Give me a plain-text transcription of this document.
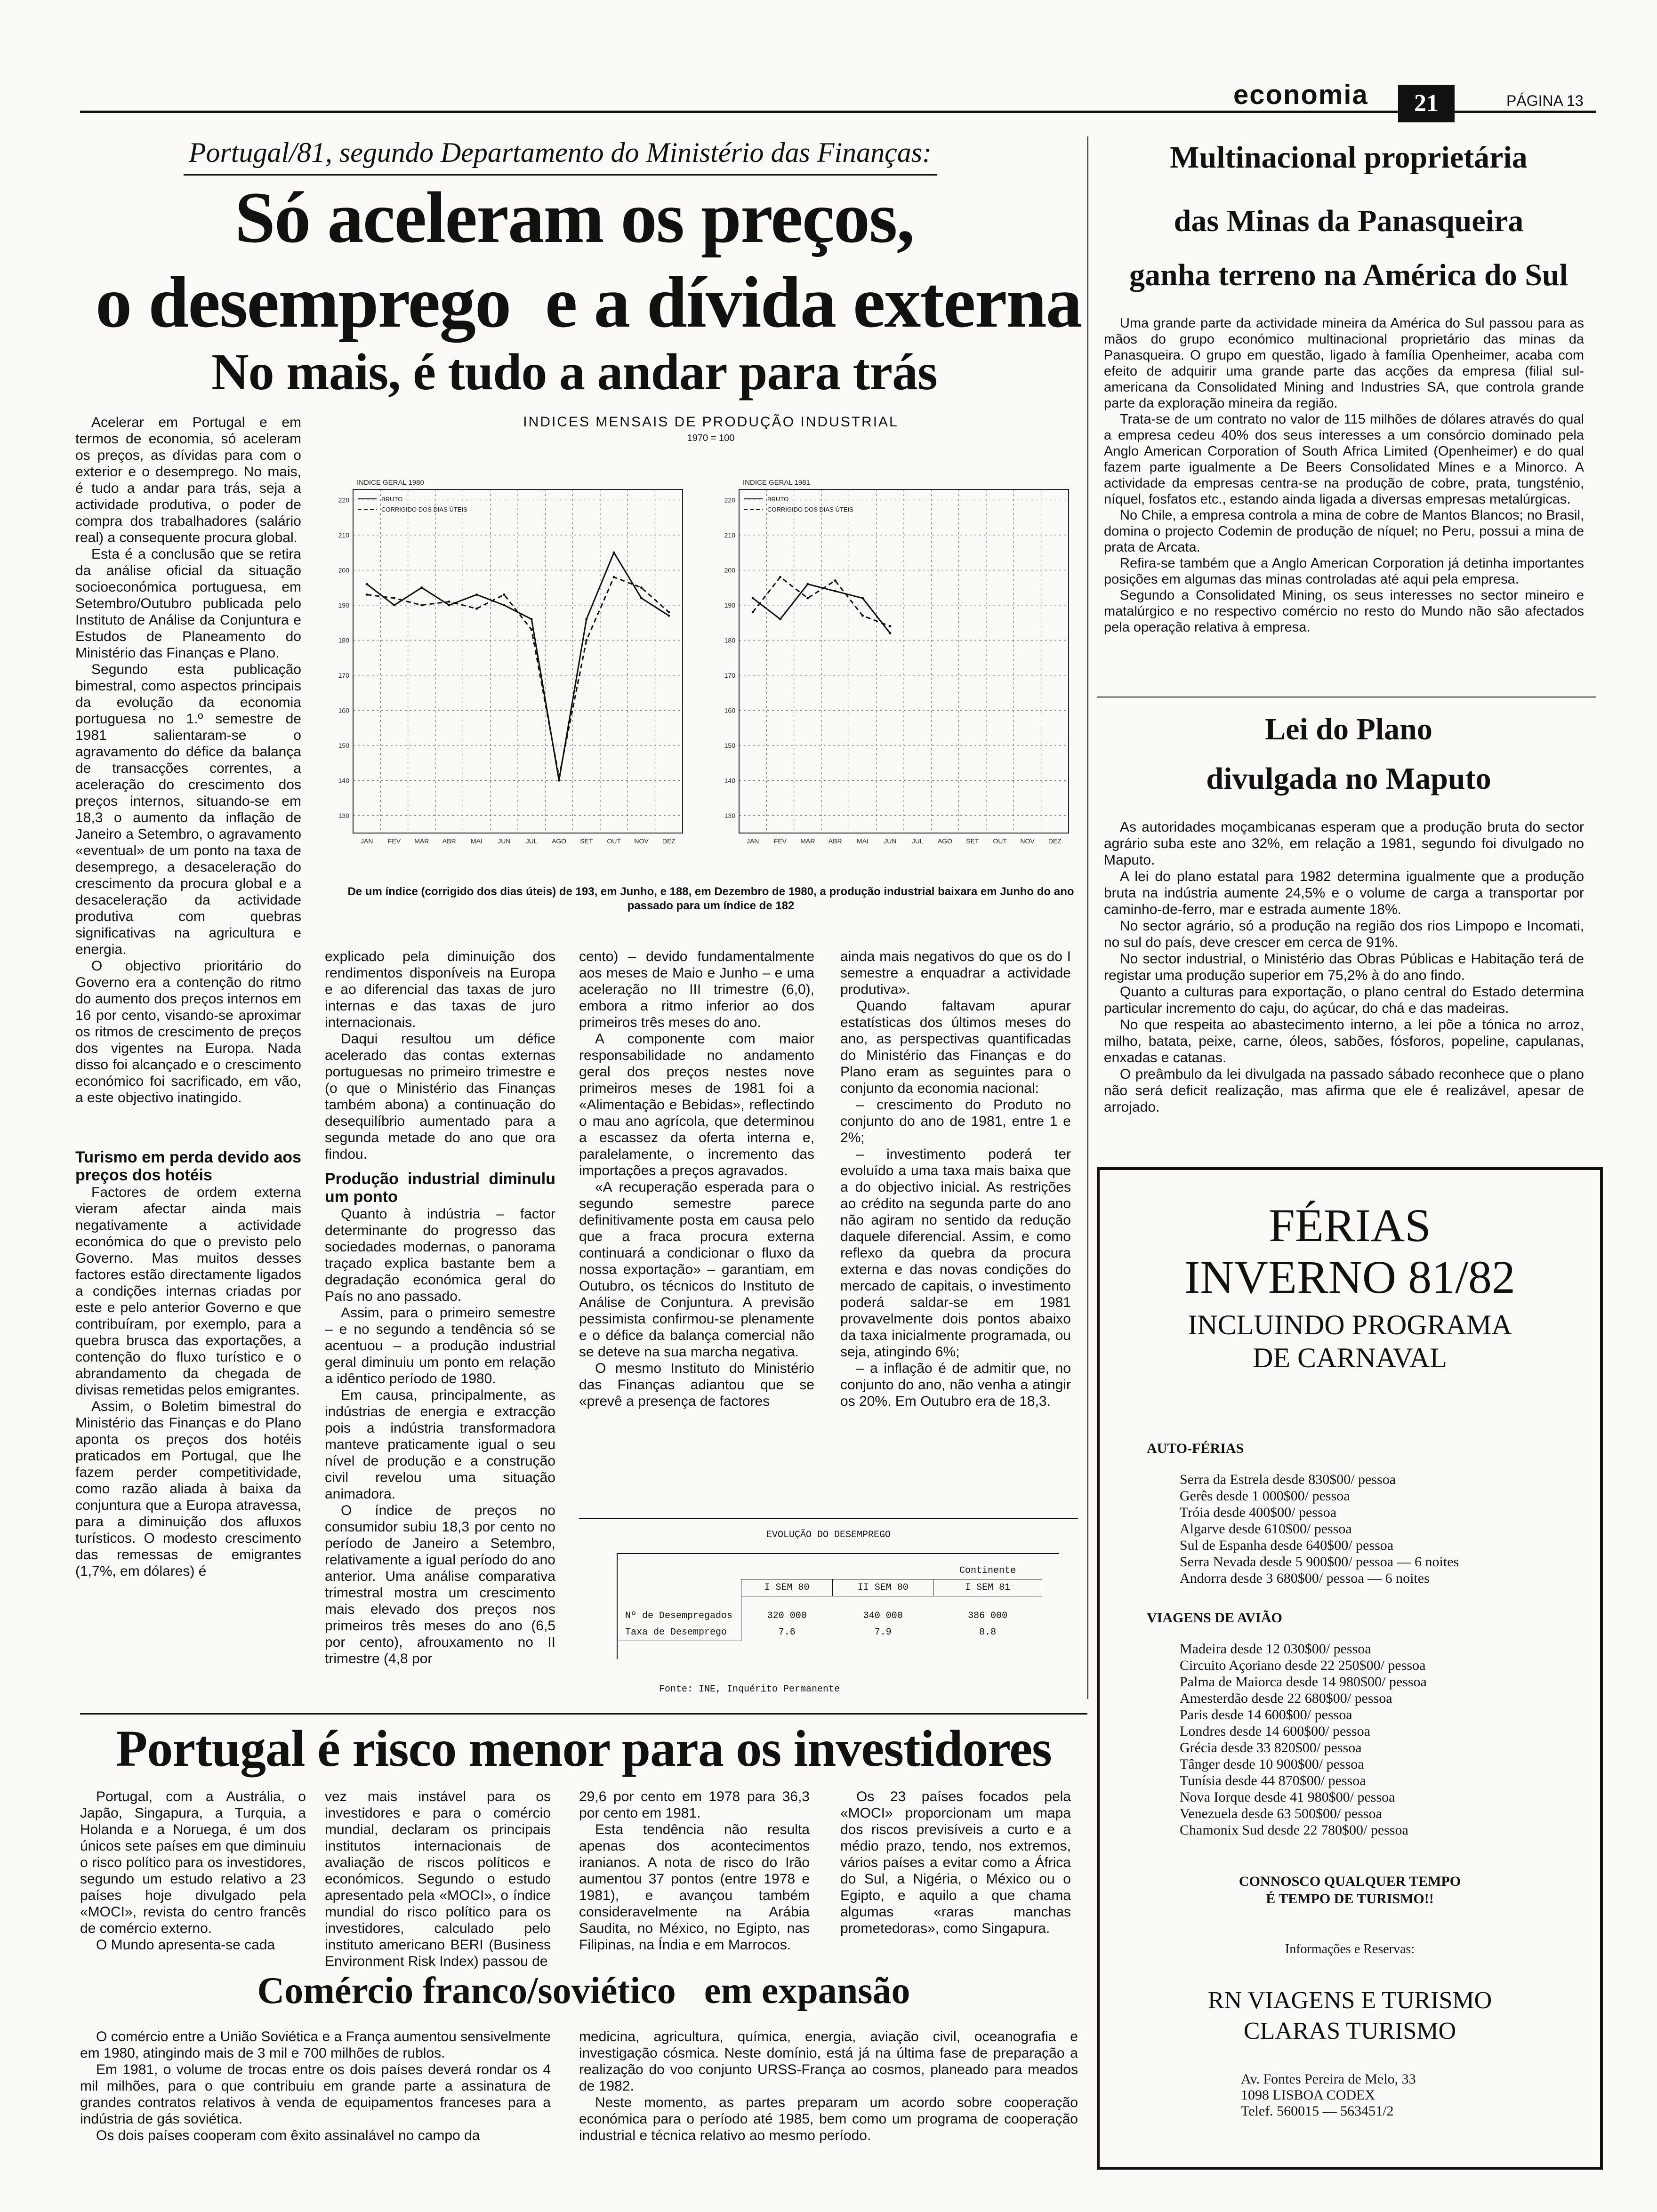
economia	21	PÁGINA 13
Portugal/81, segundo Departamento do Ministério das Finanças:
Só aceleram os preços,
o desemprego  e a dívida externa
No mais, é tudo a andar para trás

Acelerar em Portugal e em termos de economia, só aceleram os preços, as dívidas para com o exterior e o desemprego. No mais, é tudo a andar para trás, seja a actividade produtiva, o poder de compra dos trabalhadores (salário real) a consequente procura global.

Esta é a conclusão que se retira da análise oficial da situação socioeconómica portuguesa, em Setembro/Outubro publicada pelo Instituto de Análise da Conjuntura e Estudos de Planeamento do Ministério das Finanças e Plano.

Segundo esta publicação bimestral, como aspectos principais da evolução da economia portuguesa no 1.º semestre de 1981 salientaram-se o agravamento do défice da balança de transacções correntes, a aceleração do crescimento dos preços internos, situando-se em 18,3 o aumento da inflação de Janeiro a Setembro, o agravamento «eventual» de um ponto na taxa de desemprego, a desaceleração do crescimento da procura global e a desaceleração da actividade produtiva com quebras significativas na agricultura e energia.

O objectivo prioritário do Governo era a contenção do ritmo do aumento dos preços internos em 16 por cento, visando-se aproximar os ritmos de crescimento de preços dos vigentes na Europa. Nada disso foi alcançado e o crescimento económico foi sacrificado, em vão, a este objectivo inatingido.

Turismo em perda devido aos preços dos hotéis

Factores de ordem externa vieram afectar ainda mais negativamente a actividade económica do que o previsto pelo Governo. Mas muitos desses factores estão directamente ligados a condições internas criadas por este e pelo anterior Governo e que contribuíram, por exemplo, para a quebra brusca das exportações, a contenção do fluxo turístico e o abrandamento da chegada de divisas remetidas pelos emigrantes.

Assim, o Boletim bimestral do Ministério das Finanças e do Plano aponta os preços dos hotéis praticados em Portugal, que lhe fazem perder competitividade, como razão aliada à baixa da conjuntura que a Europa atravessa, para a diminuição dos afluxos turísticos. O modesto crescimento das remessas de emigrantes (1,7%, em dólares) é

INDICES MENSAIS DE PRODUÇÃO INDUSTRIAL
1970 = 100
130
140
150
160
170
180
190
200
210
220
JAN FEV MAR ABR MAI JUN JUL AGO SET OUT NOV DEZ
INDICE GERAL 1980
BRUTO
CORRIGIDO DOS DIAS ÚTEIS
130
140
150
160
170
180
190
200
210
220
JAN FEV MAR ABR MAI JUN JUL AGO SET OUT NOV DEZ
INDICE GERAL 1981
BRUTO
CORRIGIDO DOS DIAS ÚTEIS
De um índice (corrigido dos dias úteis) de 193, em Junho, e 188, em Dezembro de 1980, a produção industrial baixara em Junho do ano passado para um índice de 182

explicado pela diminuição dos rendimentos disponíveis na Europa e ao diferencial das taxas de juro internas e das taxas de juro internacionais.

Daqui resultou um défice acelerado das contas externas portuguesas no primeiro trimestre e (o que o Ministério das Finanças também abona) a continuação do desequilíbrio aumentado para a segunda metade do ano que ora findou.

Produção industrial diminulu um ponto

Quanto à indústria – factor determinante do progresso das sociedades modernas, o panorama traçado explica bastante bem a degradação económica geral do País no ano passado.

Assim, para o primeiro semestre – e no segundo a tendência só se acentuou – a produção industrial geral diminuiu um ponto em relação a idêntico período de 1980.

Em causa, principalmente, as indústrias de energia e extracção pois a indústria transformadora manteve praticamente igual o seu nível de produção e a construção civil revelou uma situação animadora.

O índice de preços no consumidor subiu 18,3 por cento no período de Janeiro a Setembro, relativamente a igual período do ano anterior. Uma análise comparativa trimestral mostra um crescimento mais elevado dos preços nos primeiros três meses do ano (6,5 por cento), afrouxamento no II trimestre (4,8 por

cento) – devido fundamentalmente aos meses de Maio e Junho – e uma aceleração no III trimestre (6,0), embora a ritmo inferior ao dos primeiros três meses do ano.

A componente com maior responsabilidade no andamento geral dos preços nestes nove primeiros meses de 1981 foi a «Alimentação e Bebidas», reflectindo o mau ano agrícola, que determinou a escassez da oferta interna e, paralelamente, o incremento das importações a preços agravados.

«A recuperação esperada para o segundo semestre parece definitivamente posta em causa pelo que a fraca procura externa continuará a condicionar o fluxo da nossa exportação» – garantiam, em Outubro, os técnicos do Instituto de Análise de Conjuntura. A previsão pessimista confirmou-se plenamente e o défice da balança comercial não se deteve na sua marcha negativa.

O mesmo Instituto do Ministério das Finanças adiantou que se «prevê a presença de factores

ainda mais negativos do que os do I semestre a enquadrar a actividade produtiva».

Quando faltavam apurar estatísticas dos últimos meses do ano, as perspectivas quantificadas do Ministério das Finanças e do Plano eram as seguintes para o conjunto da economia nacional:

– crescimento do Produto no conjunto do ano de 1981, entre 1 e 2%;

– investimento poderá ter evoluído a uma taxa mais baixa que a do objectivo inicial. As restrições ao crédito na segunda parte do ano não agiram no sentido da redução daquele diferencial. Assim, e como reflexo da quebra da procura externa e das novas condições do mercado de capitais, o investimento poderá saldar-se em 1981 provavelmente dois pontos abaixo da taxa inicialmente programada, ou seja, atingindo 6%;

– a inflação é de admitir que, no conjunto do ano, não venha a atingir os 20%. Em Outubro era de 18,3.

EVOLUÇÃO DO DESEMPREGO
			Continente
	I SEM 80	II SEM 80	I SEM 81
Nº de Desempregados	320 000	340 000	386 000
Taxa de Desemprego	7.6	7.9	8.8
Fonte: INE, Inquérito Permanente
Multinacional proprietária
das Minas da Panasqueira
ganha terreno na América do Sul

Uma grande parte da actividade mineira da América do Sul passou para as mãos do grupo económico multinacional proprietário das minas da Panasqueira. O grupo em questão, ligado à família Openheimer, acaba com efeito de adquirir uma grande parte das acções da empresa (filial sul-americana da Consolidated Mining and Industries SA, que controla grande parte da exploração mineira da região.

Trata-se de um contrato no valor de 115 milhões de dólares através do qual a empresa cedeu 40% dos seus interesses a um consórcio dominado pela Anglo American Corporation of South Africa Limited (Openheimer) e do qual fazem parte igualmente a De Beers Consolidated Mines e a Minorco. A actividade da empresas centra-se na produção de cobre, prata, tungsténio, níquel, fosfatos etc., estando ainda ligada a diversas empresas metalúrgicas.

No Chile, a empresa controla a mina de cobre de Mantos Blancos; no Brasil, domina o projecto Codemin de produção de níquel; no Peru, possui a mina de prata de Arcata.

Refira-se também que a Anglo American Corporation já detinha importantes posições em algumas das minas controladas até aqui pela empresa.

Segundo a Consolidated Mining, os seus interesses no sector mineiro e matalúrgico e no respectivo comércio no resto do Mundo não são afectados pela operação relativa à empresa.

Lei do Plano
divulgada no Maputo

As autoridades moçambicanas esperam que a produção bruta do sector agrário suba este ano 32%, em relação a 1981, segundo foi divulgado no Maputo.

A lei do plano estatal para 1982 determina igualmente que a produção bruta na indústria aumente 24,5% e o volume de carga a transportar por caminho-de-ferro, mar e estrada aumente 18%.

No sector agrário, só a produção na região dos rios Limpopo e Incomati, no sul do país, deve crescer em cerca de 91%.

No sector industrial, o Ministério das Obras Públicas e Habitação terá de registar uma produção superior em 75,2% à do ano findo.

Quanto a culturas para exportação, o plano central do Estado determina particular incremento do caju, do açúcar, do chá e das madeiras.

No que respeita ao abastecimento interno, a lei põe a tónica no arroz, milho, batata, peixe, carne, óleos, sabões, fósforos, popeline, capulanas, enxadas e catanas.

O preâmbulo da lei divulgada na passado sábado reconhece que o plano não será deficit realização, mas afirma que ele é realizável, apesar de arrojado.

FÉRIAS
INVERNO 81/82
INCLUINDO PROGRAMA
DE CARNAVAL
AUTO-FÉRIAS
Serra da Estrela desde 830$00/ pessoa
Gerês desde 1 000$00/ pessoa
Tróia desde 400$00/ pessoa
Algarve desde 610$00/ pessoa
Sul de Espanha desde 640$00/ pessoa
Serra Nevada desde 5 900$00/ pessoa — 6 noites
Andorra desde 3 680$00/ pessoa — 6 noites
VIAGENS DE AVIÃO
Madeira desde 12 030$00/ pessoa
Circuito Açoriano desde 22 250$00/ pessoa
Palma de Maiorca desde 14 980$00/ pessoa
Amesterdão desde 22 680$00/ pessoa
Paris desde 14 600$00/ pessoa
Londres desde 14 600$00/ pessoa
Grécia desde 33 820$00/ pessoa
Tânger desde 10 900$00/ pessoa
Tunísia desde 44 870$00/ pessoa
Nova Iorque desde 41 980$00/ pessoa
Venezuela desde 63 500$00/ pessoa
Chamonix Sud desde 22 780$00/ pessoa
CONNOSCO QUALQUER TEMPO
É TEMPO DE TURISMO!!
Informações e Reservas:
RN VIAGENS E TURISMO
CLARAS TURISMO
Av. Fontes Pereira de Melo, 33
1098 LISBOA CODEX
Telef. 560015 — 563451/2
Portugal é risco menor para os investidores

Portugal, com a Austrália, o Japão, Singapura, a Turquia, a Holanda e a Noruega, é um dos únicos sete países em que diminuiu o risco político para os investidores, segundo um estudo relativo a 23 países hoje divulgado pela «MOCI», revista do centro francês de comércio externo.

O Mundo apresenta-se cada

vez mais instável para os investidores e para o comércio mundial, declaram os principais institutos internacionais de avaliação de riscos políticos e económicos. Segundo o estudo apresentado pela «MOCI», o índice mundial do risco político para os investidores, calculado pelo instituto americano BERI (Business Environment Risk Index) passou de

29,6 por cento em 1978 para 36,3 por cento em 1981.

Esta tendência não resulta apenas dos acontecimentos iranianos. A nota de risco do Irão aumentou 37 pontos (entre 1978 e 1981), e avançou também consideravelmente na Arábia Saudita, no México, no Egipto, nas Filipinas, na Índia e em Marrocos.

Os 23 países focados pela «MOCI» proporcionam um mapa dos riscos previsíveis a curto e a médio prazo, tendo, nos extremos, vários países a evitar como a África do Sul, a Nigéria, o México ou o Egipto, e aquilo a que chama algumas «raras manchas prometedoras», como Singapura.

Comércio franco/soviético   em expansão

O comércio entre a União Soviética e a França aumentou sensivelmente em 1980, atingindo mais de 3 mil e 700 milhões de rublos.

Em 1981, o volume de trocas entre os dois países deverá rondar os 4 mil milhões, para o que contribuiu em grande parte a assinatura de grandes contratos relativos à venda de equipamentos franceses para a indústria de gás soviética.

Os dois países cooperam com êxito assinalável no campo da

medicina, agricultura, química, energia, aviação civil, oceanografia e investigação cósmica. Neste domínio, está já na última fase de preparação a realização do voo conjunto URSS-França ao cosmos, planeado para meados de 1982.

Neste momento, as partes preparam um acordo sobre cooperação económica para o período até 1985, bem como um programa de cooperação industrial e técnica relativo ao mesmo período.
